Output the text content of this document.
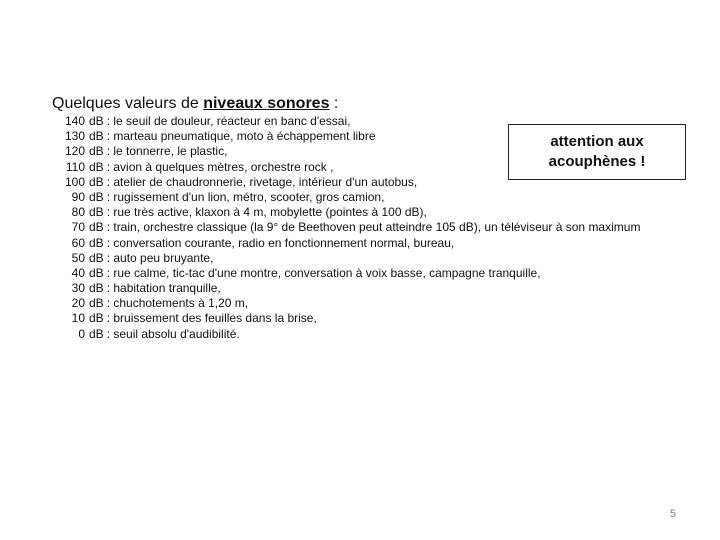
Quelques valeurs de niveaux sonores :
140 dB : le seuil de douleur, réacteur en banc d'essai,
130 dB : marteau pneumatique, moto à échappement libre
120 dB : le tonnerre, le plastic,
110 dB : avion à quelques mètres, orchestre rock ,
100 dB : atelier de chaudronnerie, rivetage, intérieur d'un autobus,
90 dB : rugissement d'un lion, métro, scooter, gros camion,
80 dB : rue très active, klaxon à 4 m, mobylette (pointes à 100 dB),
70 dB : train, orchestre classique (la 9° de Beethoven peut atteindre 105 dB), un téléviseur à son maximum
60 dB : conversation courante, radio en fonctionnement normal, bureau,
50 dB : auto peu bruyante,
40 dB : rue calme, tic-tac d'une montre, conversation à voix basse, campagne tranquille,
30 dB : habitation tranquille,
20 dB : chuchotements à 1,20 m,
10 dB : bruissement des feuilles dans la brise,
0 dB : seuil absolu d'audibilité.
attention aux
acouphènes !
5
